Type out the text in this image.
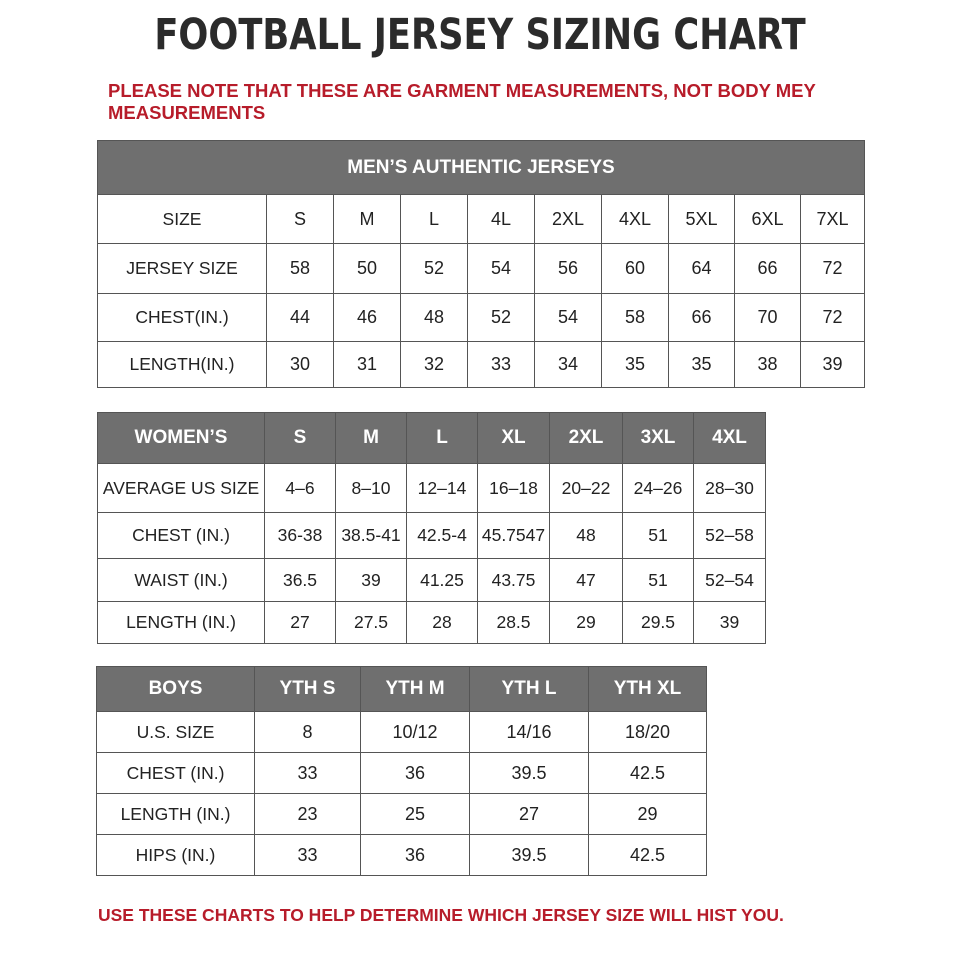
FOOTBALL JERSEY SIZING CHART
PLEASE NOTE THAT THESE ARE GARMENT MEASUREMENTS, NOT BODY MEY MEASUREMENTS
MEN’S AUTHENTIC JERSEYS									
SIZE	S	M	L	4L	2XL	4XL	5XL	6XL	7XL
JERSEY SIZE	58	50	52	54	56	60	64	66	72
CHEST(IN.)	44	46	48	52	54	58	66	70	72
LENGTH(IN.)	30	31	32	33	34	35	35	38	39
WOMEN’S	S	M	L	XL	2XL	3XL	4XL
AVERAGE US SIZE	4–6	8–10	12–14	16–18	20–22	24–26	28–30
CHEST (IN.)	36-38	38.5-41	42.5-4	45.7547	48	51	52–58
WAIST (IN.)	36.5	39	41.25	43.75	47	51	52–54
LENGTH (IN.)	27	27.5	28	28.5	29	29.5	39
BOYS	YTH S	YTH M	YTH L	YTH XL
U.S. SIZE	8	10/12	14/16	18/20
CHEST (IN.)	33	36	39.5	42.5
LENGTH (IN.)	23	25	27	29
HIPS (IN.)	33	36	39.5	42.5
USE THESE CHARTS TO HELP DETERMINE WHICH JERSEY SIZE WILL HIST YOU.
